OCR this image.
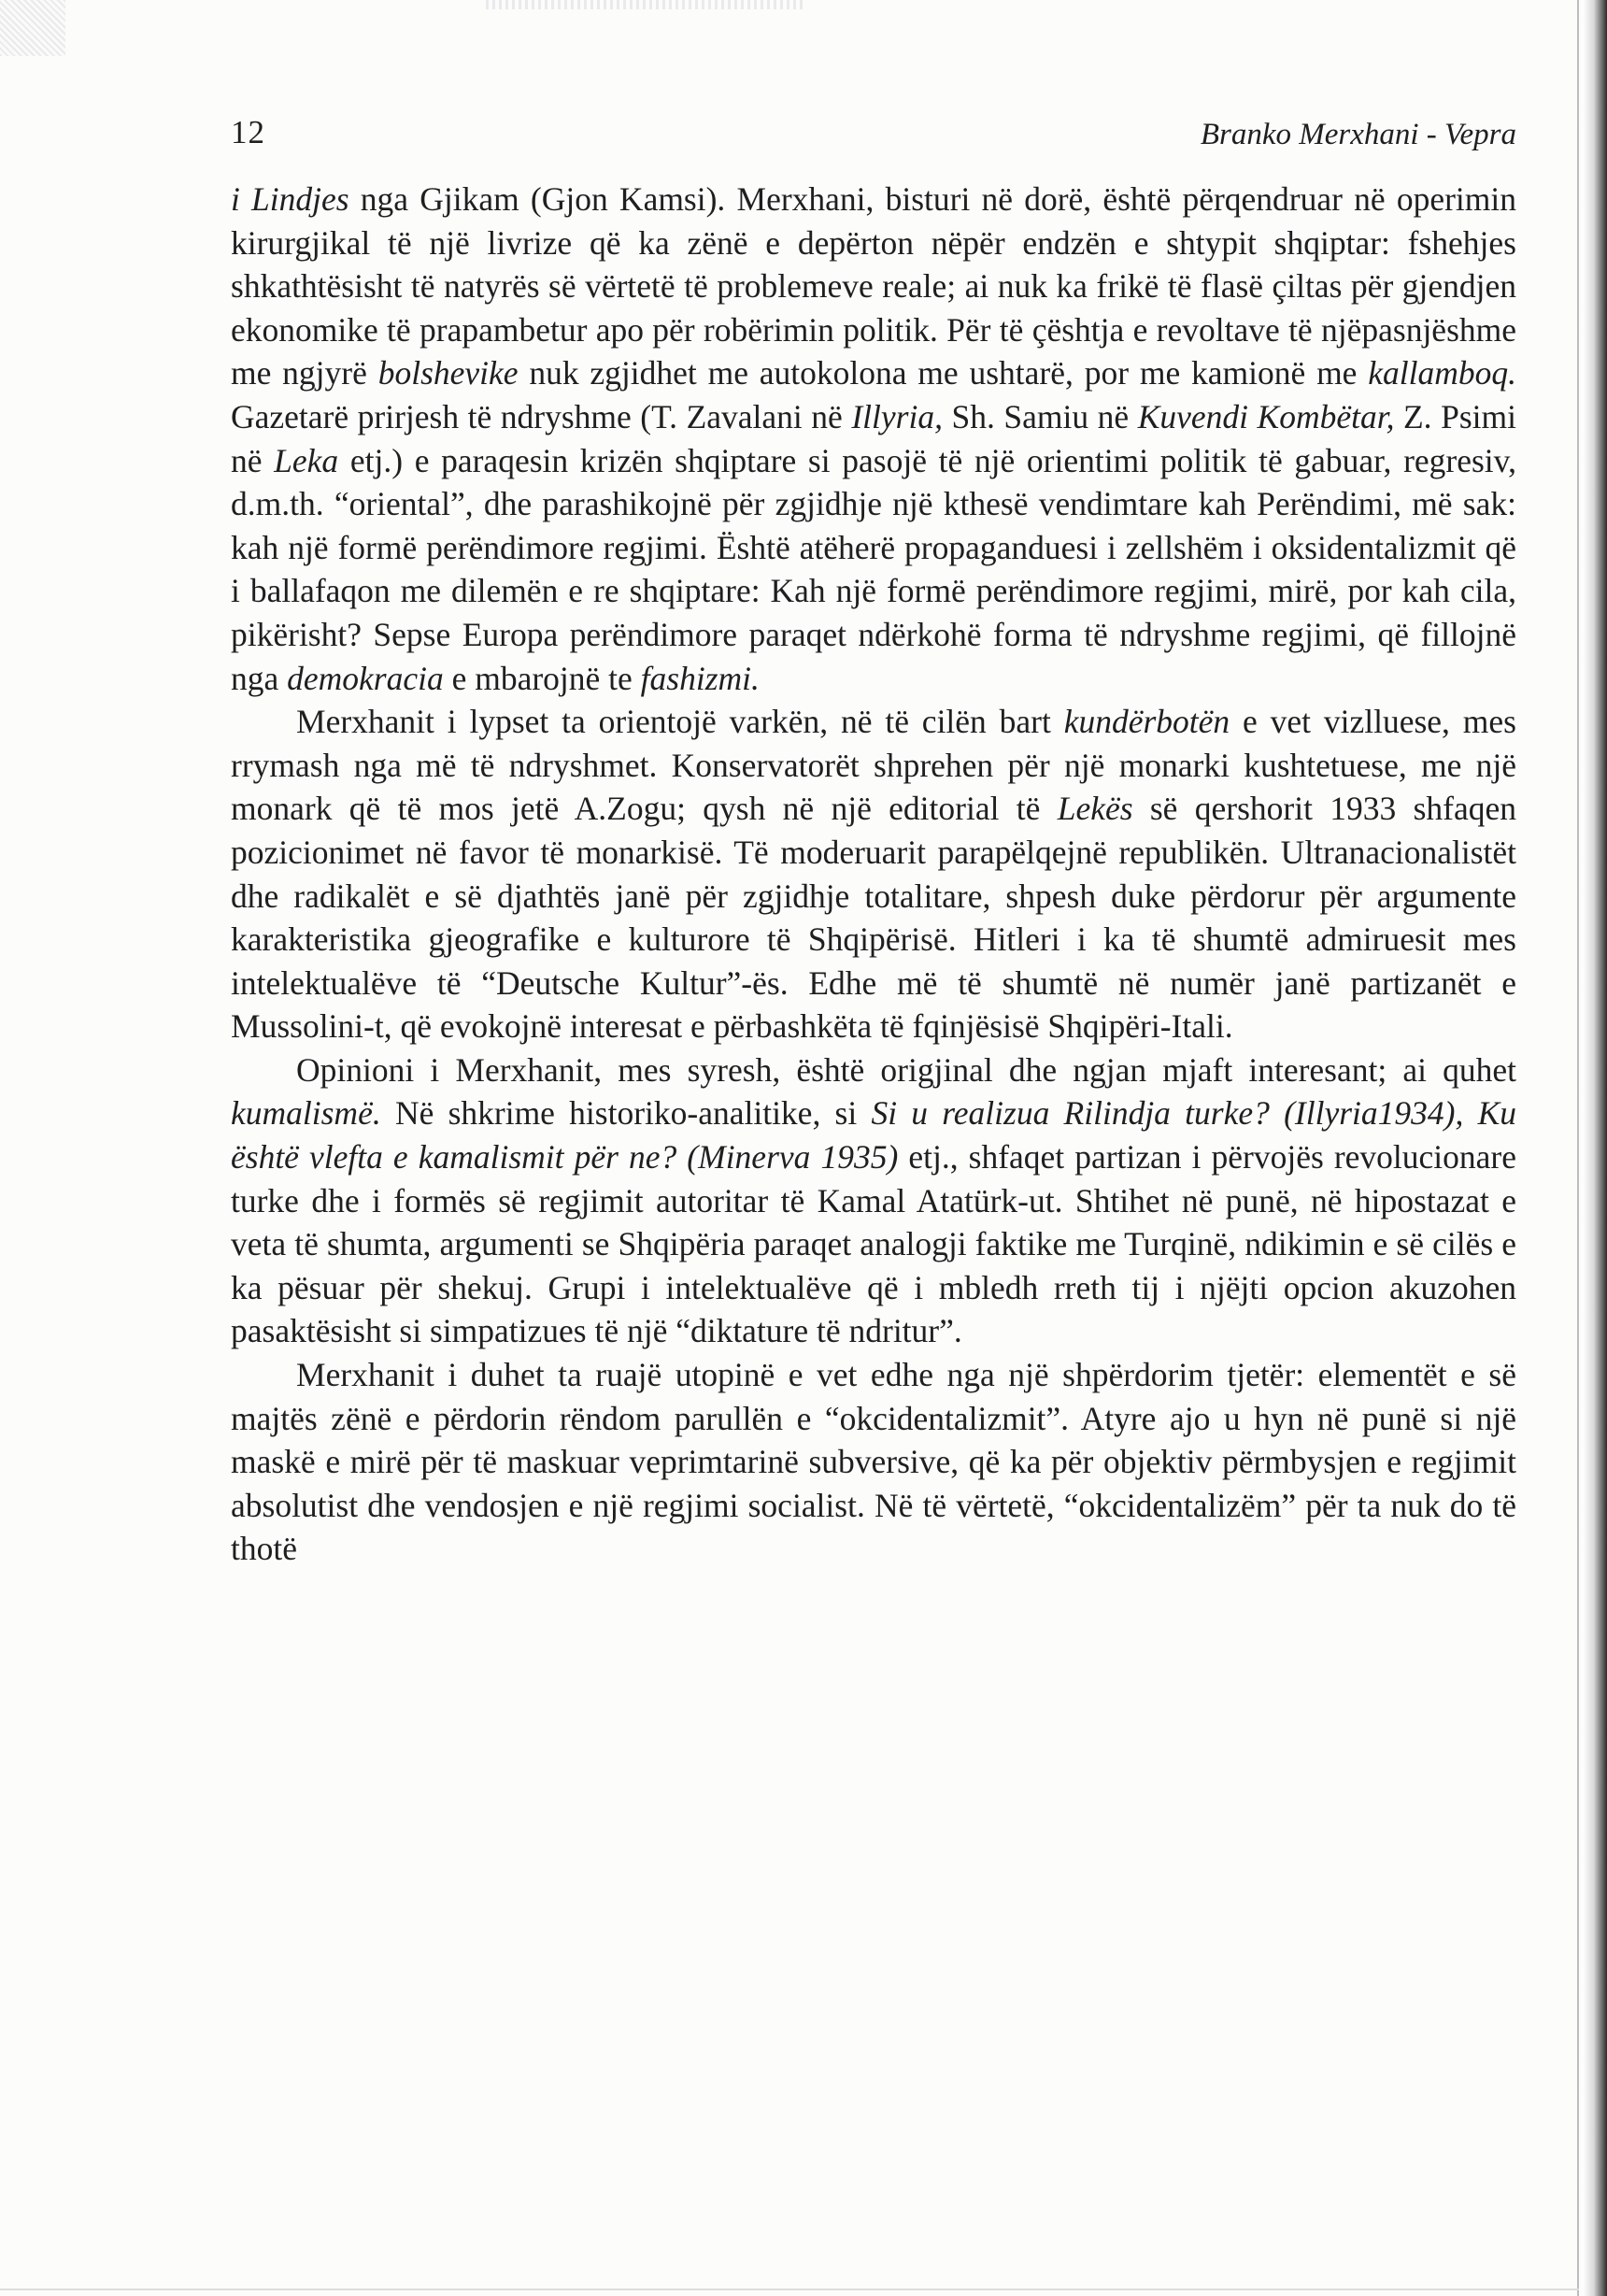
12	Branko Merxhani - Vepra

i Lindjes nga Gjikam (Gjon Kamsi). Merxhani, bisturi në dorë, është përqendruar në operimin kirurgjikal të një livrize që ka zënë e depërton nëpër endzën e shtypit shqiptar: fshehjes shkathtësisht të natyrës së vërtetë të problemeve reale; ai nuk ka frikë të flasë çiltas për gjendjen ekonomike të prapambetur apo për robërimin politik. Për të çështja e revoltave të njëpasnjëshme me ngjyrë bolshevike nuk zgjidhet me autokolona me ushtarë, por me kamionë me kallamboq. Gazetarë prirjesh të ndryshme (T. Zavalani në Illyria, Sh. Samiu në Kuvendi Kombëtar, Z. Psimi në Leka etj.) e paraqesin krizën shqiptare si pasojë të një orientimi politik të gabuar, regresiv, d.m.th. “oriental”, dhe parashikojnë për zgjidhje një kthesë vendimtare kah Perëndimi, më sak: kah një formë perëndimore regjimi. Është atëherë propaganduesi i zellshëm i oksidentalizmit që i ballafaqon me dilemën e re shqiptare: Kah një formë perëndimore regjimi, mirë, por kah cila, pikërisht? Sepse Europa perëndimore paraqet ndërkohë forma të ndryshme regjimi, që fillojnë nga demokracia e mbarojnë te fashizmi.

Merxhanit i lypset ta orientojë varkën, në të cilën bart kundërbotën e vet vizlluese, mes rrymash nga më të ndryshmet. Konservatorët shprehen për një monarki kushtetuese, me një monark që të mos jetë A.Zogu; qysh në një editorial të Lekës së qershorit 1933 shfaqen pozicionimet në favor të monarkisë. Të moderuarit parapëlqejnë republikën. Ultranacionalistët dhe radikalët e së djathtës janë për zgjidhje totalitare, shpesh duke përdorur për argumente karakteristika gjeografike e kulturore të Shqipërisë. Hitleri i ka të shumtë admiruesit mes intelektualëve të “Deutsche Kultur”-ës. Edhe më të shumtë në numër janë partizanët e Mussolini-t, që evokojnë interesat e përbashkëta të fqinjësisë Shqipëri-Itali.

Opinioni i Merxhanit, mes syresh, është origjinal dhe ngjan mjaft interesant; ai quhet kumalismë. Në shkrime historiko-analitike, si Si u realizua Rilindja turke? (Illyria1934), Ku është vlefta e kamalismit për ne? (Minerva 1935) etj., shfaqet partizan i përvojës revolucionare turke dhe i formës së regjimit autoritar të Kamal Atatürk-ut. Shtihet në punë, në hipostazat e veta të shumta, argumenti se Shqipëria paraqet analogji faktike me Turqinë, ndikimin e së cilës e ka pësuar për shekuj. Grupi i intelektualëve që i mbledh rreth tij i njëjti opcion akuzohen pasaktësisht si simpatizues të një “diktature të ndritur”.

Merxhanit i duhet ta ruajë utopinë e vet edhe nga një shpërdorim tjetër: elementët e së majtës zënë e përdorin rëndom parullën e “okcidentalizmit”. Atyre ajo u hyn në punë si një maskë e mirë për të maskuar veprimtarinë subversive, që ka për objektiv përmbysjen e regjimit absolutist dhe vendosjen e një regjimi socialist. Në të vërtetë, “okcidentalizëm” për ta nuk do të thotë
